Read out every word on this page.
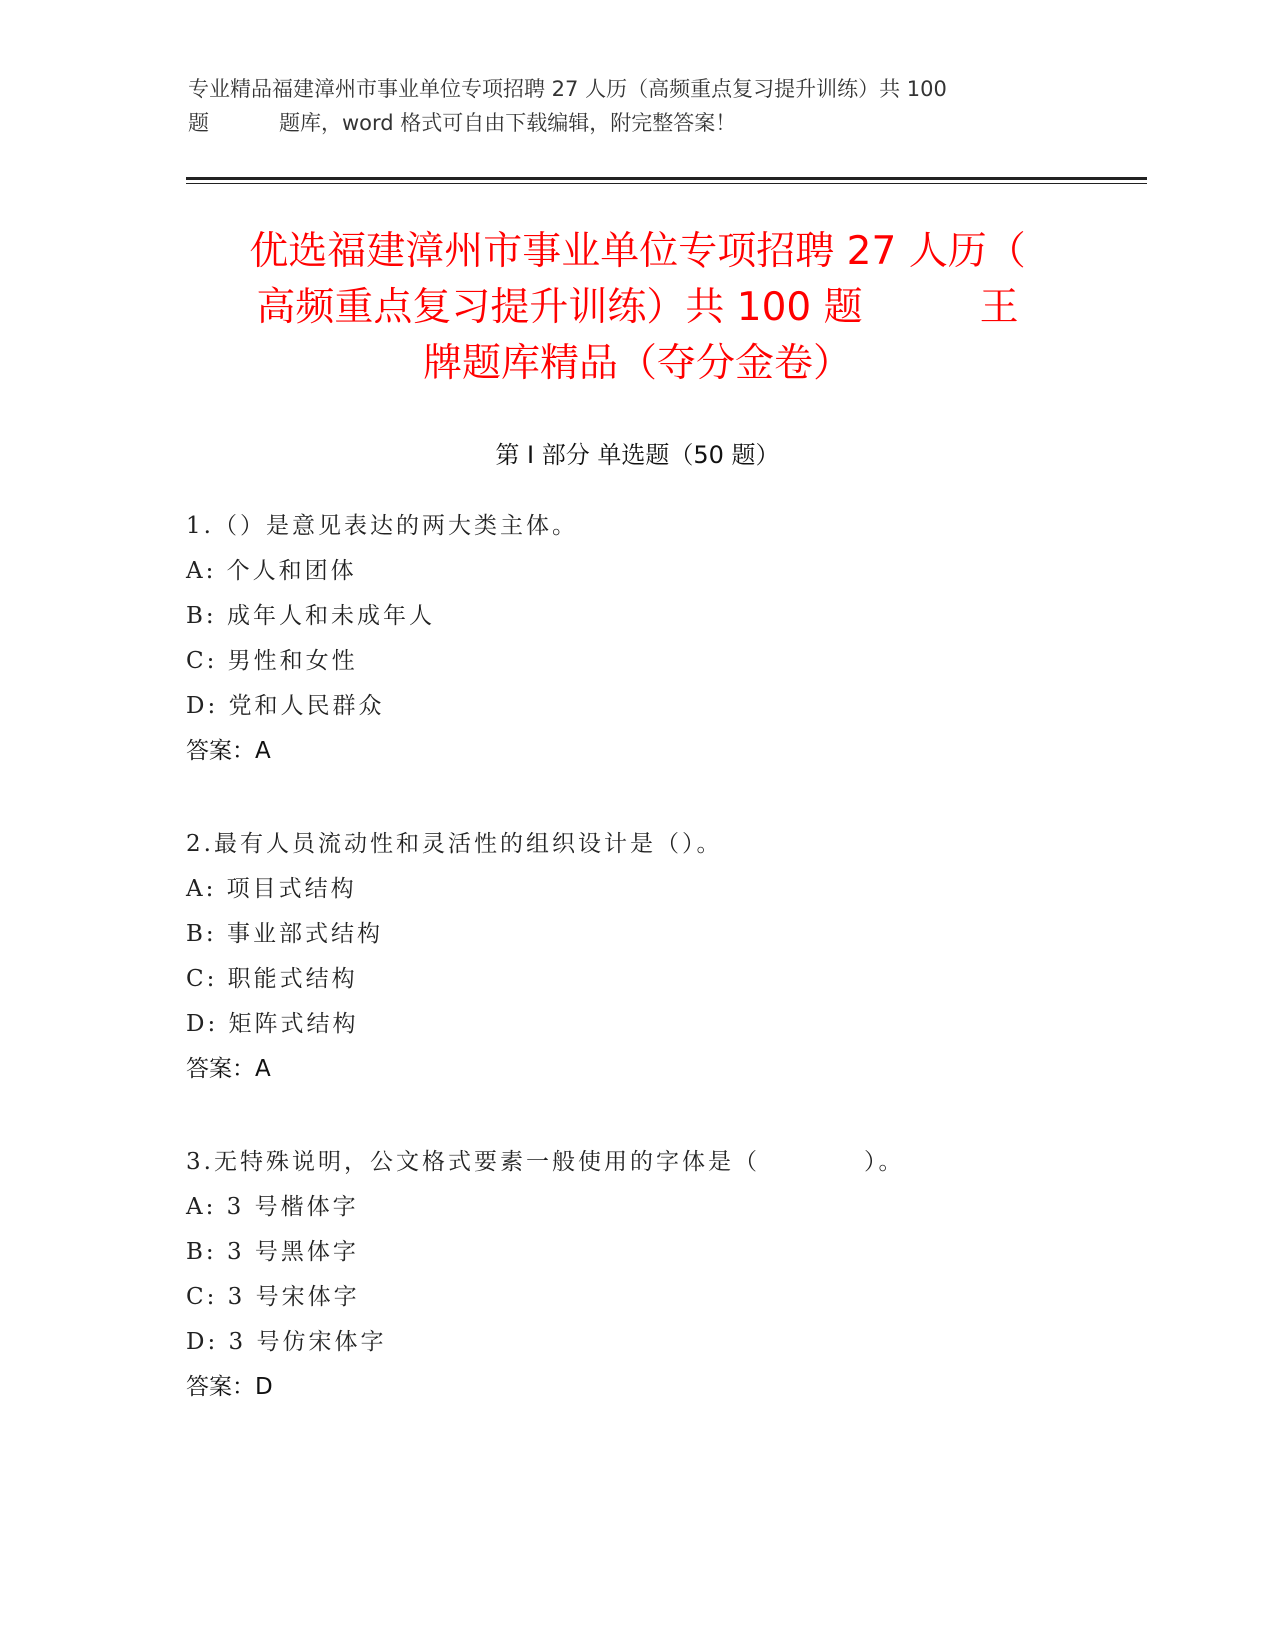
专业精品福建漳州市事业单位专项招聘 27 人历（高频重点复习提升训练）共 100
题	题库，word 格式可自由下载编辑，附完整答案！
优选福建漳州市事业单位专项招聘 27 人历（
高频重点复习提升训练）共 100 题　　　王
牌题库精品（夺分金卷）
第 I 部分 单选题（50 题）
1.（）是意见表达的两大类主体。
A: 个人和团体
B: 成年人和未成年人
C: 男性和女性
D: 党和人民群众
答案：A
2.最有人员流动性和灵活性的组织设计是（）。
A: 项目式结构
B: 事业部式结构
C: 职能式结构
D: 矩阵式结构
答案：A
3.无特殊说明，公文格式要素一般使用的字体是（　　　　）。
A: 3 号楷体字
B: 3 号黑体字
C: 3 号宋体字
D: 3 号仿宋体字
答案：D
